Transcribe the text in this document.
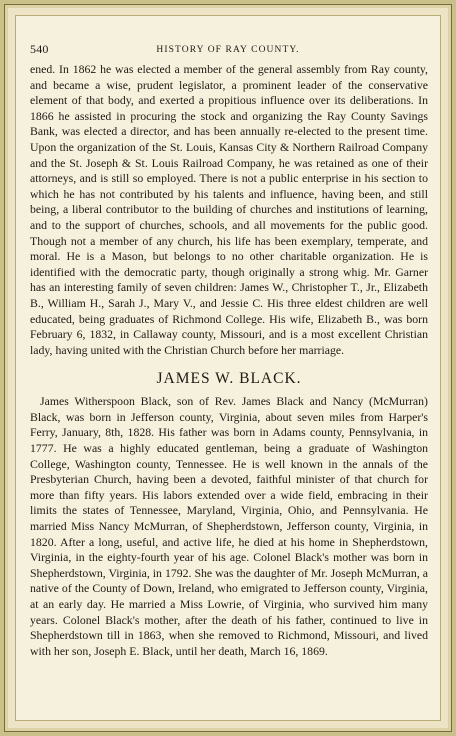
540	HISTORY OF RAY COUNTY.

ened. In 1862 he was elected a member of the general assembly from Ray county, and became a wise, prudent legislator, a prominent leader of the conservative element of that body, and exerted a propitious influence over its deliberations. In 1866 he assisted in procuring the stock and organizing the Ray County Savings Bank, was elected a director, and has been annually re-elected to the present time. Upon the organization of the St. Louis, Kansas City & Northern Railroad Company and the St. Joseph & St. Louis Railroad Company, he was retained as one of their attorneys, and is still so employed. There is not a public enterprise in his section to which he has not contributed by his talents and influence, having been, and still being, a liberal contributor to the building of churches and institutions of learning, and to the support of churches, schools, and all movements for the public good. Though not a member of any church, his life has been exemplary, temperate, and moral. He is a Mason, but belongs to no other charitable organization. He is identified with the democratic party, though originally a strong whig. Mr. Garner has an interesting family of seven children: James W., Christopher T., Jr., Elizabeth B., William H., Sarah J., Mary V., and Jessie C. His three eldest children are well educated, being graduates of Richmond College. His wife, Elizabeth B., was born February 6, 1832, in Callaway county, Missouri, and is a most excellent Christian lady, having united with the Christian Church before her marriage.

JAMES W. BLACK.

James Witherspoon Black, son of Rev. James Black and Nancy (McMurran) Black, was born in Jefferson county, Virginia, about seven miles from Harper's Ferry, January, 8th, 1828. His father was born in Adams county, Pennsylvania, in 1777. He was a highly educated gentleman, being a graduate of Washington College, Washington county, Tennessee. He is well known in the annals of the Presbyterian Church, having been a devoted, faithful minister of that church for more than fifty years. His labors extended over a wide field, embracing in their limits the states of Tennessee, Maryland, Virginia, Ohio, and Pennsylvania. He married Miss Nancy McMurran, of Shepherdstown, Jefferson county, Virginia, in 1820. After a long, useful, and active life, he died at his home in Shepherdstown, Virginia, in the eighty-fourth year of his age. Colonel Black's mother was born in Shepherdstown, Virginia, in 1792. She was the daughter of Mr. Joseph McMurran, a native of the County of Down, Ireland, who emigrated to Jefferson county, Virginia, at an early day. He married a Miss Lowrie, of Virginia, who survived him many years. Colonel Black's mother, after the death of his father, continued to live in Shepherdstown till in 1863, when she removed to Richmond, Missouri, and lived with her son, Joseph E. Black, until her death, March 16, 1869.
